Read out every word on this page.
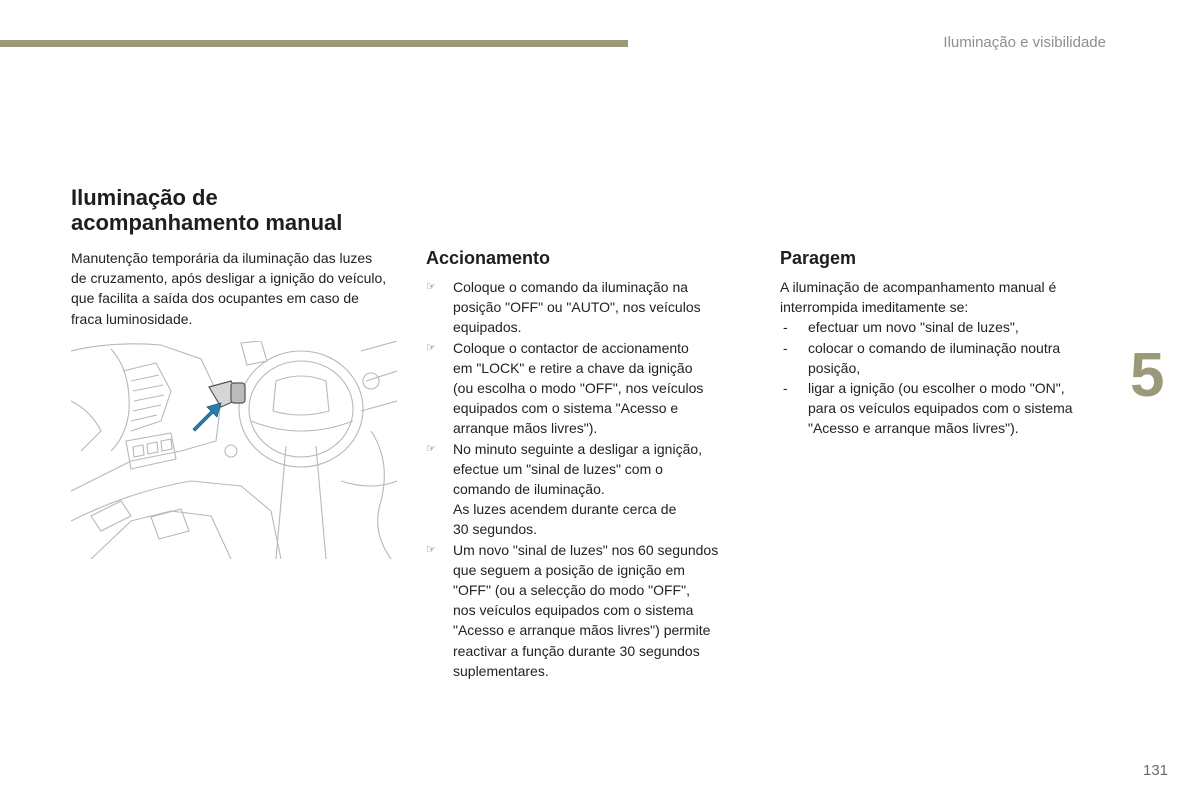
Iluminação e visibilidade
Iluminação de
acompanhamento manual
Manutenção temporária da iluminação das luzes de cruzamento, após desligar a ignição do veículo, que facilita a saída dos ocupantes em caso de fraca luminosidade.
Accionamento
☞ Coloque o comando da iluminação na
posição "OFF" ou "AUTO", nos veículos
equipados.
☞ Coloque o contactor de accionamento
em "LOCK" e retire a chave da ignição
(ou escolha o modo "OFF", nos veículos
equipados com o sistema "Acesso e
arranque mãos livres").
☞ No minuto seguinte a desligar a ignição,
efectue um "sinal de luzes" com o
comando de iluminação.
As luzes acendem durante cerca de
30 segundos.
☞ Um novo "sinal de luzes" nos 60 segundos
que seguem a posição de ignição em
"OFF" (ou a selecção do modo "OFF",
nos veículos equipados com o sistema
"Acesso e arranque mãos livres") permite
reactivar a função durante 30 segundos
suplementares.
Paragem
A iluminação de acompanhamento manual é
interrompida imeditamente se:
- efectuar um novo "sinal de luzes",
- colocar o comando de iluminação noutra
posição,
- ligar a ignição (ou escolher o modo "ON",
para os veículos equipados com o sistema
"Acesso e arranque mãos livres").
5
131
